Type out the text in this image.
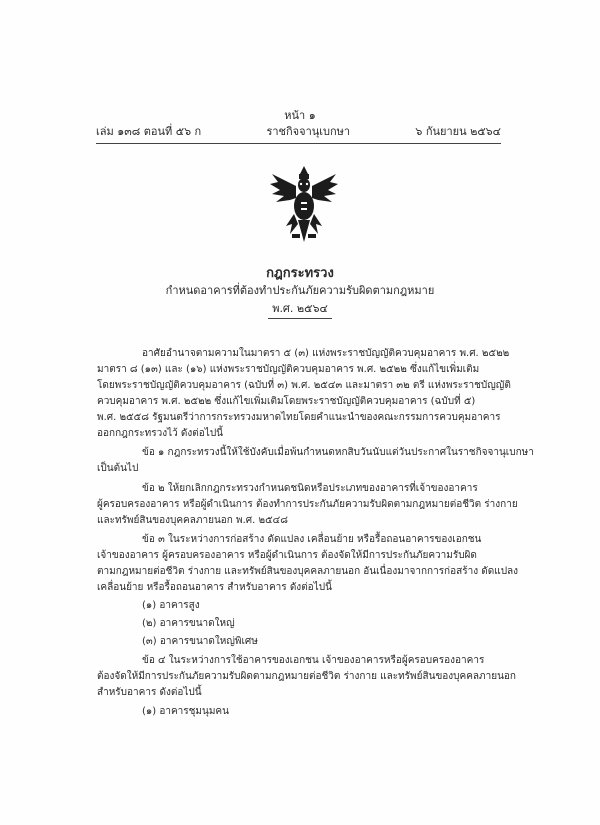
หน้า ๑
เล่ม ๑๓๘ ตอนที่ ๕๖ ก	ราชกิจจานุเบกษา	๖ กันยายน ๒๕๖๔
กฎกระทรวง
กำหนดอาคารที่ต้องทำประกันภัยความรับผิดตามกฎหมาย
พ.ศ. ๒๕๖๔
อาศัยอำนาจตามความในมาตรา ๕ (๓) แห่งพระราชบัญญัติควบคุมอาคาร พ.ศ. ๒๕๒๒
มาตรา ๘ (๑๓) และ (๑๖) แห่งพระราชบัญญัติควบคุมอาคาร พ.ศ. ๒๕๒๒ ซึ่งแก้ไขเพิ่มเติม
โดยพระราชบัญญัติควบคุมอาคาร (ฉบับที่ ๓) พ.ศ. ๒๕๔๓ และมาตรา ๓๒ ตรี แห่งพระราชบัญญัติ
ควบคุมอาคาร พ.ศ. ๒๕๒๒ ซึ่งแก้ไขเพิ่มเติมโดยพระราชบัญญัติควบคุมอาคาร (ฉบับที่ ๕)
พ.ศ. ๒๕๕๘ รัฐมนตรีว่าการกระทรวงมหาดไทยโดยคำแนะนำของคณะกรรมการควบคุมอาคาร
ออกกฎกระทรวงไว้ ดังต่อไปนี้
ข้อ ๑ กฎกระทรวงนี้ให้ใช้บังคับเมื่อพ้นกำหนดหกสิบวันนับแต่วันประกาศในราชกิจจานุเบกษา
เป็นต้นไป
ข้อ ๒ ให้ยกเลิกกฎกระทรวงกำหนดชนิดหรือประเภทของอาคารที่เจ้าของอาคาร
ผู้ครอบครองอาคาร หรือผู้ดำเนินการ ต้องทำการประกันภัยความรับผิดตามกฎหมายต่อชีวิต ร่างกาย
และทรัพย์สินของบุคคลภายนอก พ.ศ. ๒๕๔๘
ข้อ ๓ ในระหว่างการก่อสร้าง ดัดแปลง เคลื่อนย้าย หรือรื้อถอนอาคารของเอกชน
เจ้าของอาคาร ผู้ครอบครองอาคาร หรือผู้ดำเนินการ ต้องจัดให้มีการประกันภัยความรับผิด
ตามกฎหมายต่อชีวิต ร่างกาย และทรัพย์สินของบุคคลภายนอก อันเนื่องมาจากการก่อสร้าง ดัดแปลง
เคลื่อนย้าย หรือรื้อถอนอาคาร สำหรับอาคาร ดังต่อไปนี้
(๑) อาคารสูง
(๒) อาคารขนาดใหญ่
(๓) อาคารขนาดใหญ่พิเศษ
ข้อ ๔ ในระหว่างการใช้อาคารของเอกชน เจ้าของอาคารหรือผู้ครอบครองอาคาร
ต้องจัดให้มีการประกันภัยความรับผิดตามกฎหมายต่อชีวิต ร่างกาย และทรัพย์สินของบุคคลภายนอก
สำหรับอาคาร ดังต่อไปนี้
(๑) อาคารชุมนุมคน
